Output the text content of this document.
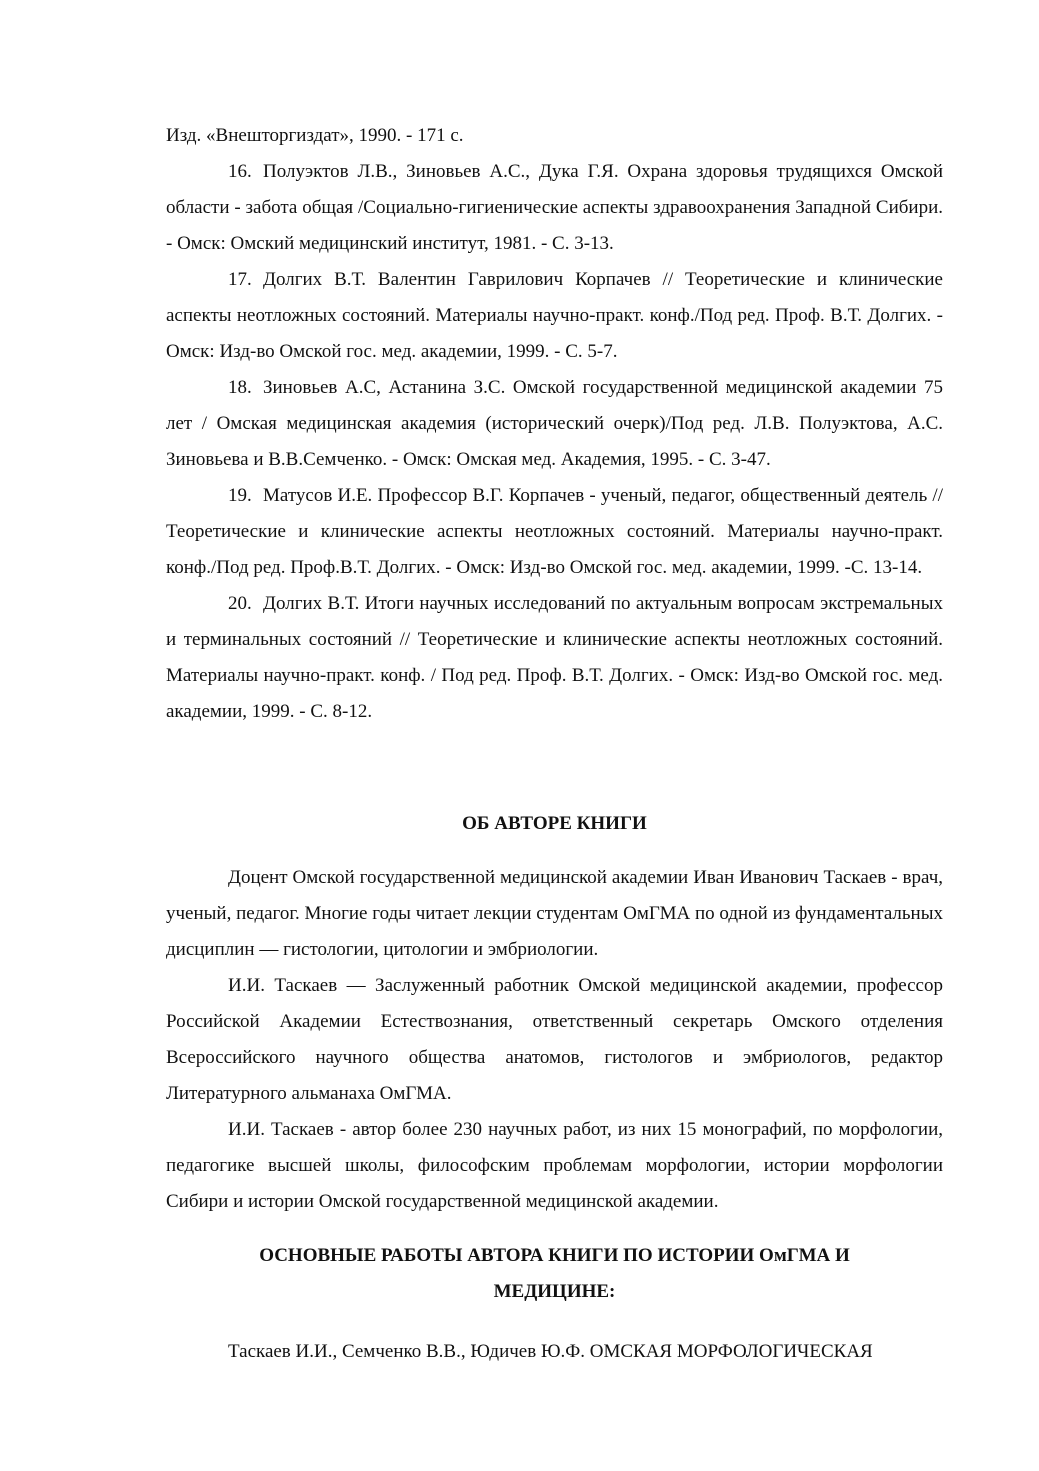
Изд. «Внешторгиздат», 1990. - 171 с.

16. Полуэктов Л.В., Зиновьев А.С., Дука Г.Я. Охрана здоровья трудящихся Омской области - забота общая /Социально-гигиенические аспекты здравоохранения Западной Сибири. - Омск: Омский медицинский институт, 1981. - С. 3-13.

17. Долгих В.Т. Валентин Гаврилович Корпачев // Теоретические и клинические аспекты неотложных состояний. Материалы научно-практ. конф./Под ред. Проф. В.Т. Долгих. - Омск: Изд-во Омской гос. мед. академии, 1999. - С. 5-7.

18. Зиновьев А.С, Астанина З.С. Омской государственной медицинской академии 75 лет / Омская медицинская академия (исторический очерк)/Под ред. Л.В. Полуэктова, А.С. Зиновьева и В.В.Семченко. - Омск: Омская мед. Академия, 1995. - С. 3-47.

19. Матусов И.Е. Профессор В.Г. Корпачев - ученый, педагог, общественный деятель // Теоретические и клинические аспекты неотложных состояний. Материалы научно-практ. конф./Под ред. Проф.В.Т. Долгих. - Омск: Изд-во Омской гос. мед. академии, 1999. -С. 13-14.

20. Долгих В.Т. Итоги научных исследований по актуальным вопросам экстремальных и терминальных состояний // Теоретические и клинические аспекты неотложных состояний. Материалы научно-практ. конф. / Под ред. Проф. В.Т. Долгих. - Омск: Изд-во Омской гос. мед. академии, 1999. - С. 8-12.

ОБ АВТОРЕ КНИГИ

Доцент Омской государственной медицинской академии Иван Иванович Таскаев - врач, ученый, педагог. Многие годы читает лекции студентам ОмГМА по одной из фундаментальных дисциплин — гистологии, цитологии и эмбриологии.

И.И. Таскаев — Заслуженный работник Омской медицинской академии, профессор Российской Академии Естествознания, ответственный секретарь Омского отделения Всероссийского научного общества анатомов, гистологов и эмбриологов, редактор Литературного альманаха ОмГМА.

И.И. Таскаев - автор более 230 научных работ, из них 15 монографий, по морфологии, педагогике высшей школы, философским проблемам морфологии, истории морфологии Сибири и истории Омской государственной медицинской академии.

ОСНОВНЫЕ РАБОТЫ АВТОРА КНИГИ ПО ИСТОРИИ ОмГМА И

МЕДИЦИНЕ:

Таскаев И.И., Семченко В.В., Юдичев Ю.Ф. ОМСКАЯ МОРФОЛОГИЧЕСКАЯ
